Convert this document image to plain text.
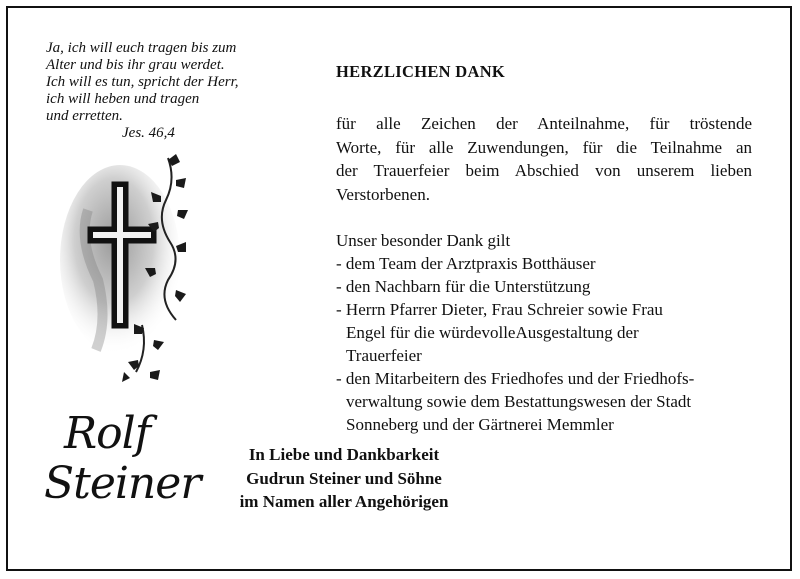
Ja, ich will euch tragen bis zum
Alter und bis ihr grau werdet.
Ich will es tun, spricht der Herr,
ich will heben und tragen
und erretten.
Jes. 46,4
HERZLICHEN DANK
für alle Zeichen der Anteilnahme, für tröstende
Worte, für alle Zuwendungen, für die Teilnahme an
der Trauerfeier beim Abschied von unserem lieben
Verstorbenen.
Unser besonder Dank gilt
- dem Team der Arztpraxis Botthäuser
- den Nachbarn für die Unterstützung
- Herrn Pfarrer Dieter, Frau Schreier sowie Frau
Engel für die würdevolleAusgestaltung der
Trauerfeier
- den Mitarbeitern des Friedhofes und der Friedhofs-
verwaltung sowie dem Bestattungswesen der Stadt
Sonneberg und der Gärtnerei Memmler
Rolf
Steiner
In Liebe und Dankbarkeit
Gudrun Steiner und Söhne
im Namen aller Angehörigen
